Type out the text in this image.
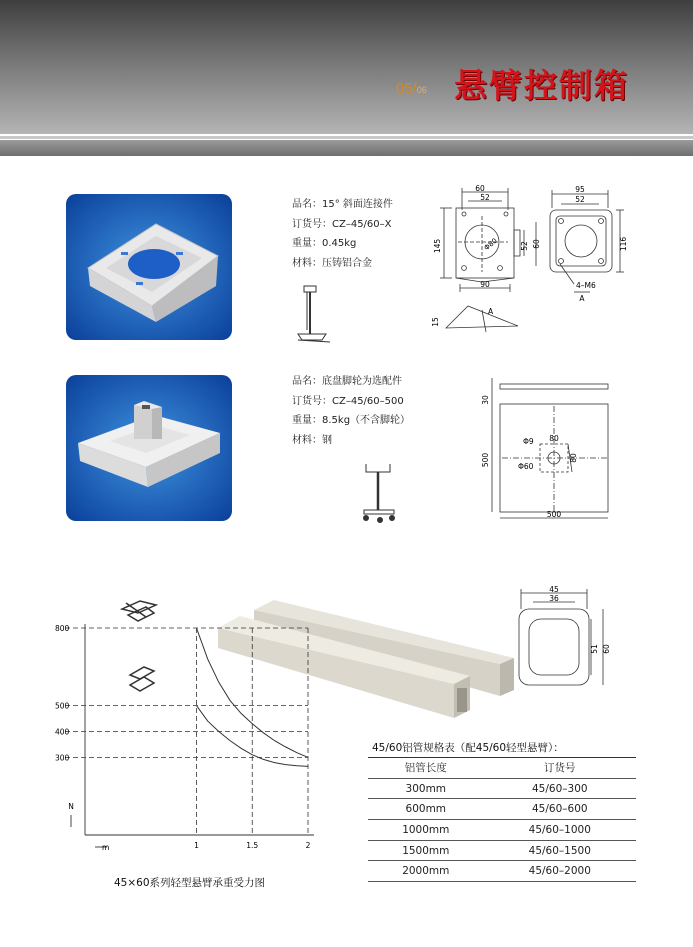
05/06 悬臂控制箱
品名：15° 斜面连接件
订货号：CZ–45/60–X
重量：0.45kg
材料：压铸铝合金
60
52
145	Φ80	52 60
90
95
52
116
4–M6
A
15
A
品名：底盘脚轮为选配件
订货号：CZ–45/60–500
重量：8.5kg（不含脚轮）
材料：钢
30
Φ9 80
Φ60
80
500
500
45
36
51 60
800
500
400
300
1	1.5	2
m
N
45×60系列轻型悬臂承重受力图
45/60铝管规格表（配45/60轻型悬臂）：
铝管长度	订货号
300mm	45/60–300
600mm	45/60–600
1000mm	45/60–1000
1500mm	45/60–1500
2000mm	45/60–2000
